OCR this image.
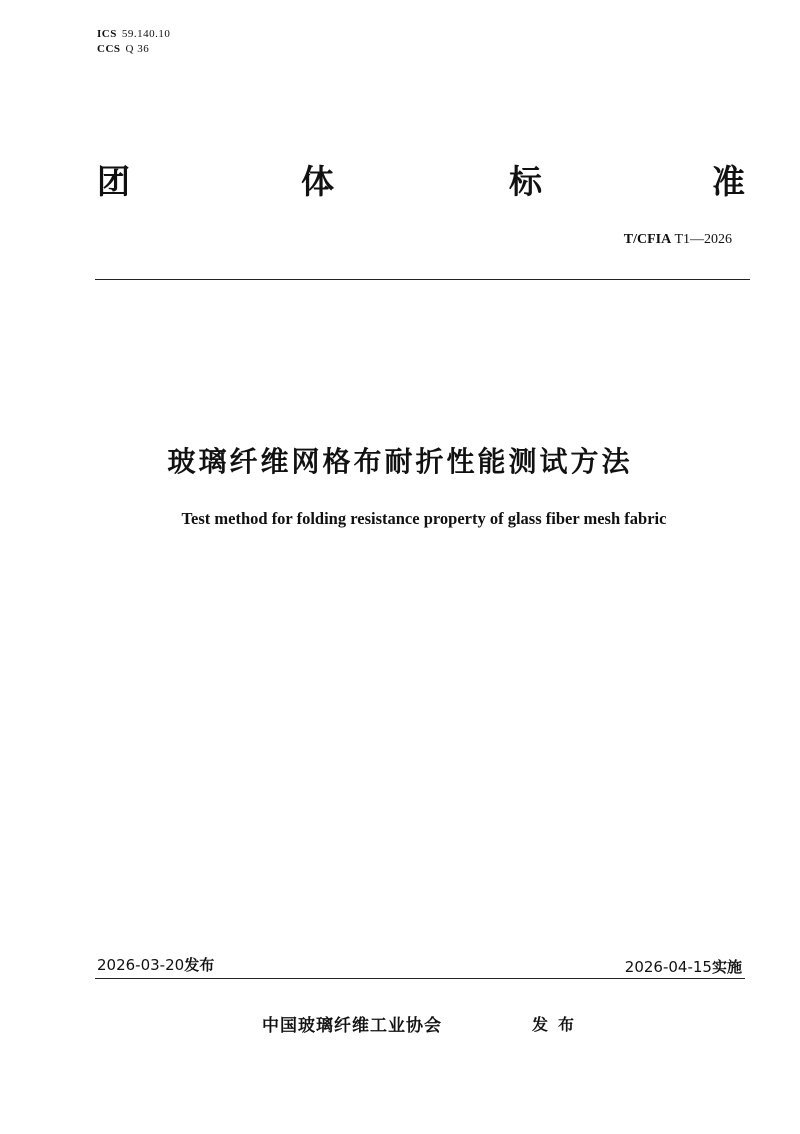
ICS 59.140.10
CCS Q 36
团	体	标	准
T/CFIA T1—2026
玻璃纤维网格布耐折性能测试方法
Test method for folding resistance property of glass fiber mesh fabric
2026-03-20发布	2026-04-15实施
中国玻璃纤维工业协会	发布
